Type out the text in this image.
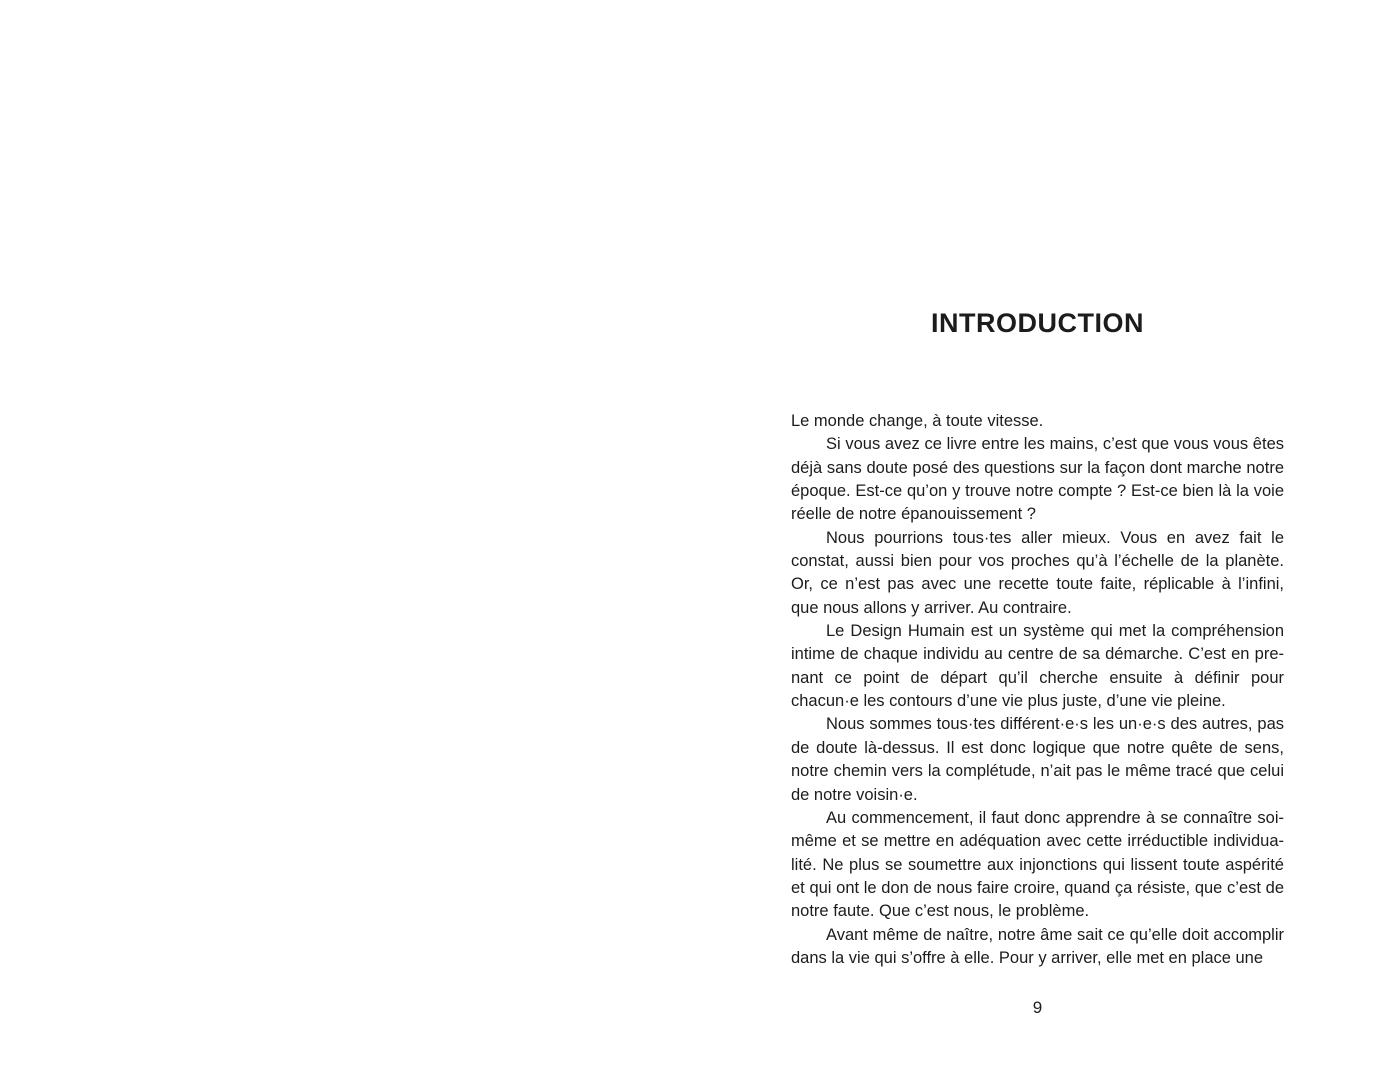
INTRODUCTION

Le monde change, à toute vitesse.

Si vous avez ce livre entre les mains, c’est que vous vous êtes déjà sans doute posé des questions sur la façon dont marche notre époque. Est-ce qu’on y trouve notre compte ? Est-ce bien là la voie réelle de notre épanouissement ?

Nous pourrions tous·tes aller mieux. Vous en avez fait le constat, aussi bien pour vos proches qu’à l’échelle de la planète. Or, ce n’est pas avec une recette toute faite, réplicable à l’infini, que nous allons y arriver. Au contraire.

Le Design Humain est un système qui met la compréhension intime de chaque individu au centre de sa démarche. C’est en prenant ce point de départ qu’il cherche ensuite à définir pour chacun·e les contours d’une vie plus juste, d’une vie pleine.

Nous sommes tous·tes différent·e·s les un·e·s des autres, pas de doute là-dessus. Il est donc logique que notre quête de sens, notre chemin vers la complétude, n’ait pas le même tracé que celui de notre voisin·e.

Au commencement, il faut donc apprendre à se connaître soi-même et se mettre en adéquation avec cette irréductible individualité. Ne plus se soumettre aux injonctions qui lissent toute aspérité et qui ont le don de nous faire croire, quand ça résiste, que c’est de notre faute. Que c’est nous, le problème.

Avant même de naître, notre âme sait ce qu’elle doit accomplir dans la vie qui s’offre à elle. Pour y arriver, elle met en place une

9
